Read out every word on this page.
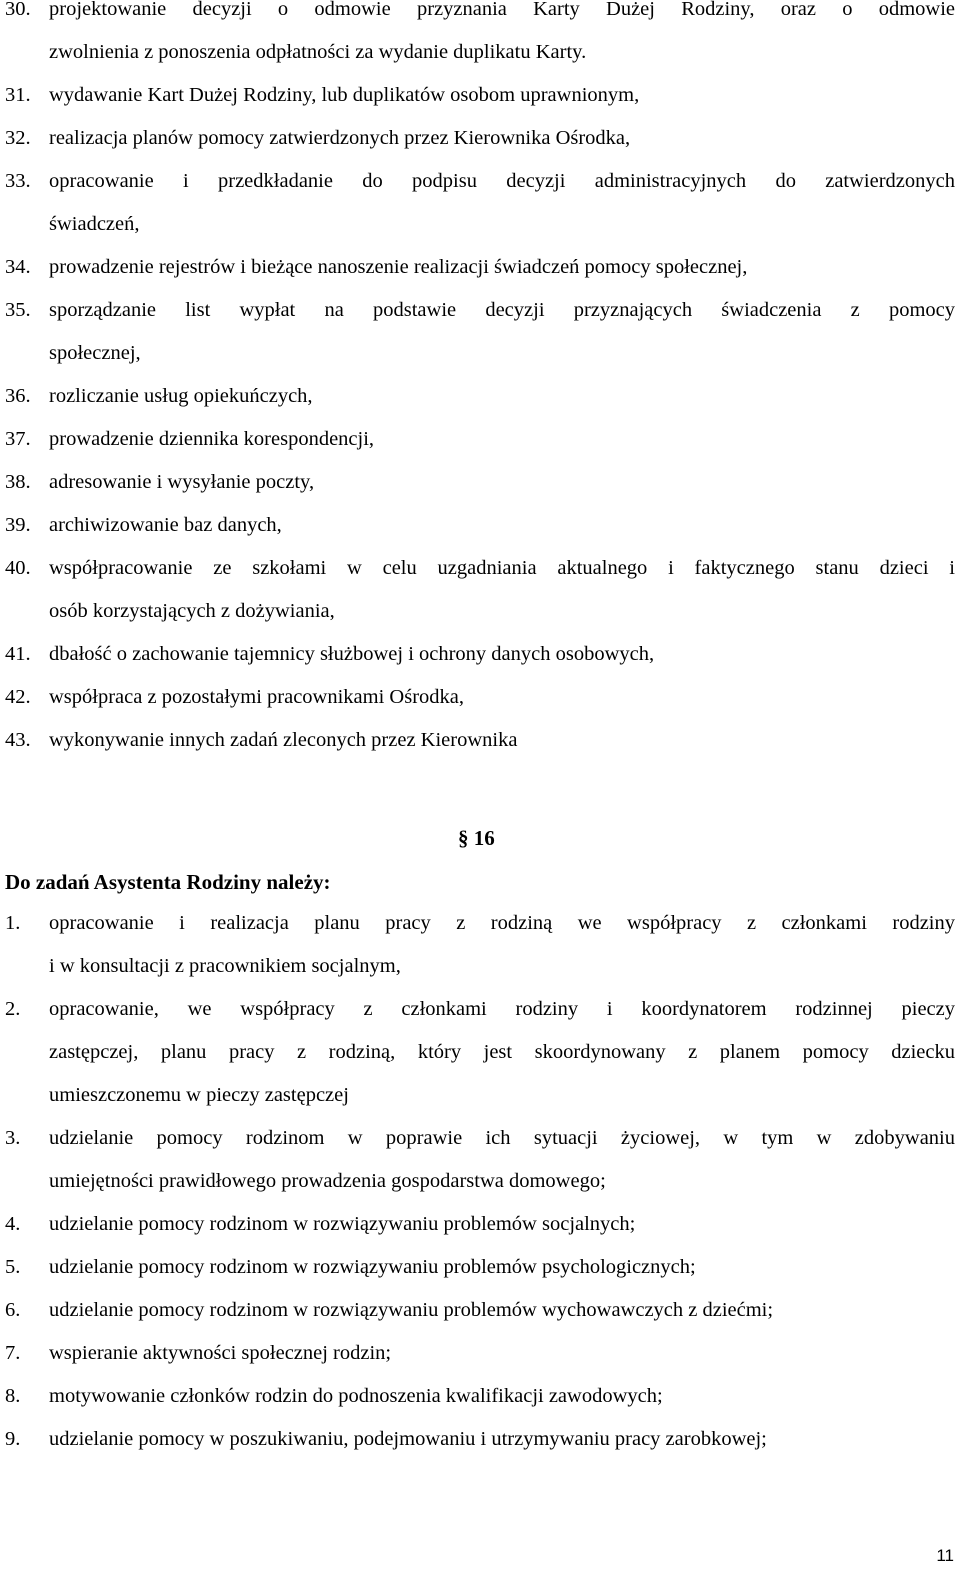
30. projektowanie decyzji o odmowie przyznania Karty Dużej Rodziny, oraz o odmowie
zwolnienia z ponoszenia odpłatności za wydanie duplikatu Karty.
31. wydawanie Kart Dużej Rodziny, lub duplikatów osobom uprawnionym,
32. realizacja planów pomocy zatwierdzonych przez Kierownika Ośrodka,
33. opracowanie i przedkładanie do podpisu decyzji administracyjnych do zatwierdzonych
świadczeń,
34. prowadzenie rejestrów i bieżące nanoszenie realizacji świadczeń pomocy społecznej,
35. sporządzanie list wypłat na podstawie decyzji przyznających świadczenia z pomocy
społecznej,
36. rozliczanie usług opiekuńczych,
37. prowadzenie dziennika korespondencji,
38. adresowanie i wysyłanie poczty,
39. archiwizowanie baz danych,
40. współpracowanie ze szkołami w celu uzgadniania aktualnego i faktycznego stanu dzieci i
osób korzystających z dożywiania,
41. dbałość o zachowanie tajemnicy służbowej i ochrony danych osobowych,
42. współpraca z pozostałymi pracownikami Ośrodka,
43. wykonywanie innych zadań zleconych przez Kierownika
§ 16
Do zadań Asystenta Rodziny należy:
1.	opracowanie i realizacja planu pracy z rodziną we współpracy z członkami rodziny
i w konsultacji z pracownikiem socjalnym,
2.	opracowanie, we współpracy z członkami rodziny i koordynatorem rodzinnej pieczy
zastępczej, planu pracy z rodziną, który jest skoordynowany z planem pomocy dziecku
umieszczonemu w pieczy zastępczej
3.	udzielanie pomocy rodzinom w poprawie ich sytuacji życiowej, w tym w zdobywaniu
umiejętności prawidłowego prowadzenia gospodarstwa domowego;
4.	udzielanie pomocy rodzinom w rozwiązywaniu problemów socjalnych;
5.	udzielanie pomocy rodzinom w rozwiązywaniu problemów psychologicznych;
6.	udzielanie pomocy rodzinom w rozwiązywaniu problemów wychowawczych z dziećmi;
7.	wspieranie aktywności społecznej rodzin;
8.	motywowanie członków rodzin do podnoszenia kwalifikacji zawodowych;
9.	udzielanie pomocy w poszukiwaniu, podejmowaniu i utrzymywaniu pracy zarobkowej;
11
